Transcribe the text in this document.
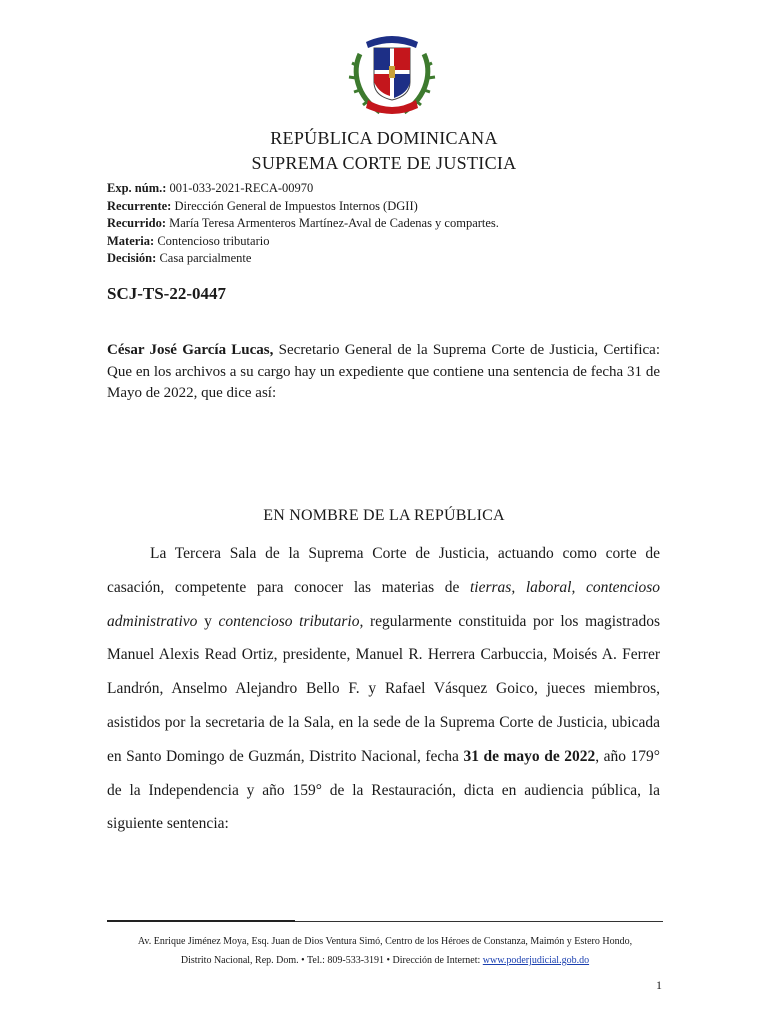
REPÚBLICA DOMINICANA
SUPREMA CORTE DE JUSTICIA
Exp. núm.: 001-033-2021-RECA-00970
Recurrente: Dirección General de Impuestos Internos (DGII)
Recurrido: María Teresa Armenteros Martínez-Aval de Cadenas y compartes.
Materia: Contencioso tributario
Decisión: Casa parcialmente
SCJ-TS-22-0447
César José García Lucas, Secretario General de la Suprema Corte de Justicia, Certifica: Que en los archivos a su cargo hay un expediente que contiene una sentencia de fecha 31 de Mayo de 2022, que dice así:
EN NOMBRE DE LA REPÚBLICA
La Tercera Sala de la Suprema Corte de Justicia, actuando como corte de casación, competente para conocer las materias de tierras, laboral, contencioso administrativo y contencioso tributario, regularmente constituida por los magistrados Manuel Alexis Read Ortiz, presidente, Manuel R. Herrera Carbuccia, Moisés A. Ferrer Landrón, Anselmo Alejandro Bello F. y Rafael Vásquez Goico, jueces miembros, asistidos por la secretaria de la Sala, en la sede de la Suprema Corte de Justicia, ubicada en Santo Domingo de Guzmán, Distrito Nacional, fecha 31 de mayo de 2022, año 179° de la Independencia y año 159° de la Restauración, dicta en audiencia pública, la siguiente sentencia:
Av. Enrique Jiménez Moya, Esq. Juan de Dios Ventura Simó, Centro de los Héroes de Constanza, Maimón y Estero Hondo,
Distrito Nacional, Rep. Dom. • Tel.: 809-533-3191 • Dirección de Internet: www.poderjudicial.gob.do
1
